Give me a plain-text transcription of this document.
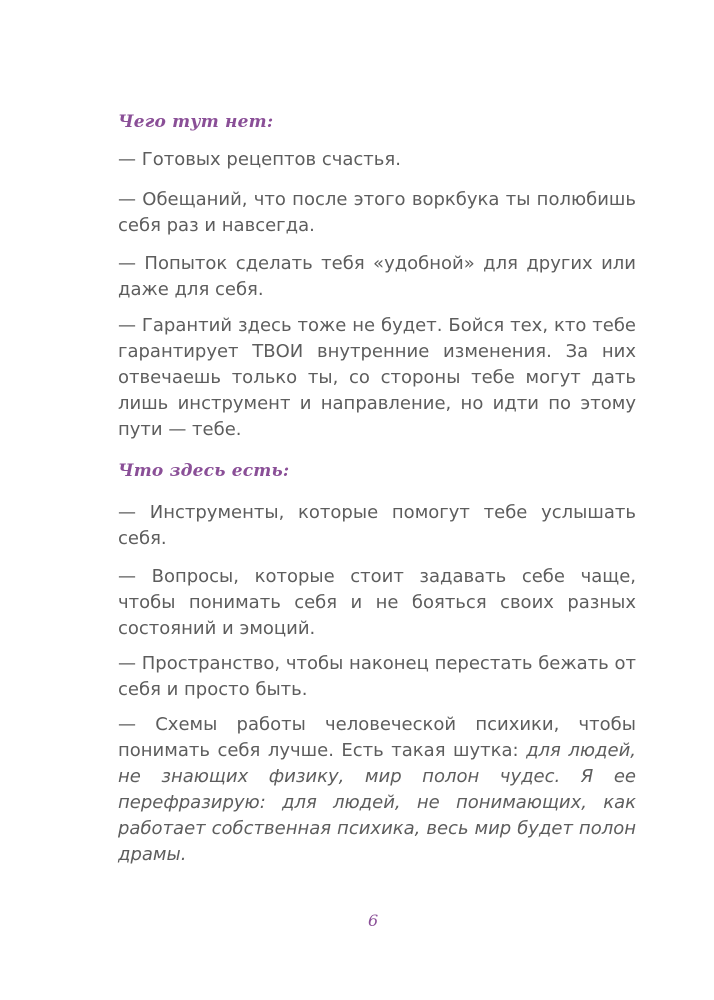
Чего тут нет:

— Готовых рецептов счастья.

— Обещаний, что после этого воркбука ты полюбишь себя раз и навсегда.

— Попыток сделать тебя «удобной» для других или даже для себя.

— Гарантий здесь тоже не будет. Бойся тех, кто тебе гарантирует ТВОИ внутренние изменения. За них отвечаешь только ты, со стороны тебе могут дать лишь инструмент и направление, но идти по этому пути — тебе.

Что здесь есть:

— Инструменты, которые помогут тебе услышать себя.

— Вопросы, которые стоит задавать себе чаще, чтобы понимать себя и не бояться своих разных состояний и эмоций.

— Пространство, чтобы наконец перестать бежать от себя и просто быть.

— Схемы работы человеческой психики, чтобы понимать себя лучше. Есть такая шутка: для людей, не знающих физику, мир полон чудес. Я ее перефразирую: для людей, не понимающих, как работает собственная психика, весь мир будет полон драмы.

6
